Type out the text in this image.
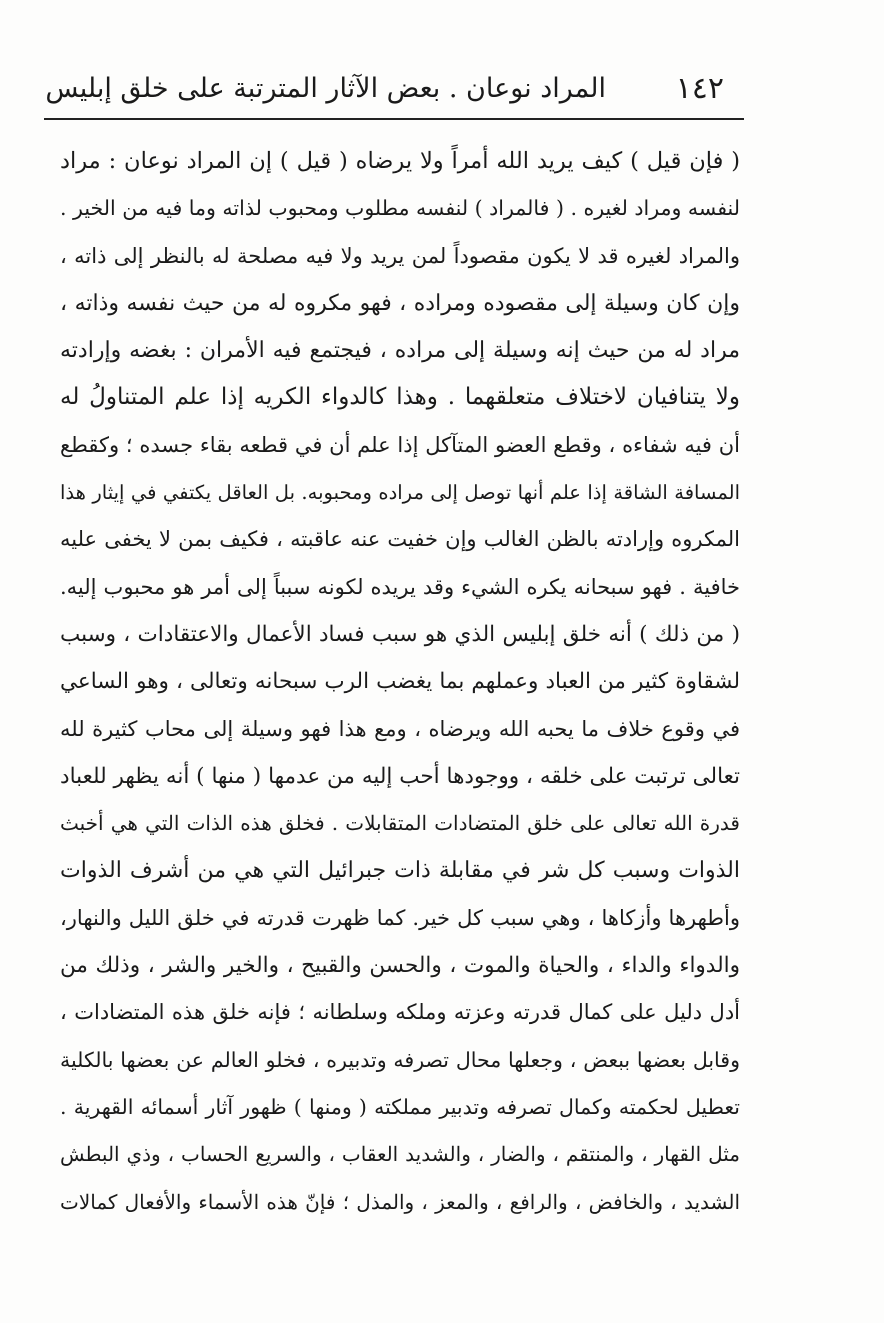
١٤٢
المراد نوعان . بعض الآثار المترتبة على خلق إبليس
( فإن قيل ) كيف يريد الله أمراً ولا يرضاه ( قيل ) إن المراد نوعان : مراد
لنفسه ومراد لغيره . ( فالمراد ) لنفسه مطلوب ومحبوب لذاته وما فيه من الخير .
والمراد لغيره قد لا يكون مقصوداً لمن يريد ولا فيه مصلحة له بالنظر إلى ذاته ،
وإن كان وسيلة إلى مقصوده ومراده ، فهو مكروه له من حيث نفسه وذاته ،
مراد له من حيث إنه وسيلة إلى مراده ، فيجتمع فيه الأمران : بغضه وإرادته
ولا يتنافيان لاختلاف متعلقهما . وهذا كالدواء الكريه إذا علم المتناولُ له
أن فيه شفاءه ، وقطع العضو المتآكل إذا علم أن في قطعه بقاء جسده ؛ وكقطع
المسافة الشاقة إذا علم أنها توصل إلى مراده ومحبوبه. بل العاقل يكتفي في إيثار هذا
المكروه وإرادته بالظن الغالب وإن خفيت عنه عاقبته ، فكيف بمن لا يخفى عليه
خافية . فهو سبحانه يكره الشيء وقد يريده لكونه سبباً إلى أمر هو محبوب إليه.
( من ذلك ) أنه خلق إبليس الذي هو سبب فساد الأعمال والاعتقادات ، وسبب
لشقاوة كثير من العباد وعملهم بما يغضب الرب سبحانه وتعالى ، وهو الساعي
في وقوع خلاف ما يحبه الله ويرضاه ، ومع هذا فهو وسيلة إلى محاب كثيرة لله
تعالى ترتبت على خلقه ، ووجودها أحب إليه من عدمها ( منها ) أنه يظهر للعباد
قدرة الله تعالى على خلق المتضادات المتقابلات . فخلق هذه الذات التي هي أخبث
الذوات وسبب كل شر في مقابلة ذات جبرائيل التي هي من أشرف الذوات
وأطهرها وأزكاها ، وهي سبب كل خير. كما ظهرت قدرته في خلق الليل والنهار،
والدواء والداء ، والحياة والموت ، والحسن والقبيح ، والخير والشر ، وذلك من
أدل دليل على كمال قدرته وعزته وملكه وسلطانه ؛ فإنه خلق هذه المتضادات ،
وقابل بعضها ببعض ، وجعلها محال تصرفه وتدبيره ، فخلو العالم عن بعضها بالكلية
تعطيل لحكمته وكمال تصرفه وتدبير مملكته ( ومنها ) ظهور آثار أسمائه القهرية .
مثل القهار ، والمنتقم ، والضار ، والشديد العقاب ، والسريع الحساب ، وذي البطش
الشديد ، والخافض ، والرافع ، والمعز ، والمذل ؛ فإنّ هذه الأسماء والأفعال كمالات
